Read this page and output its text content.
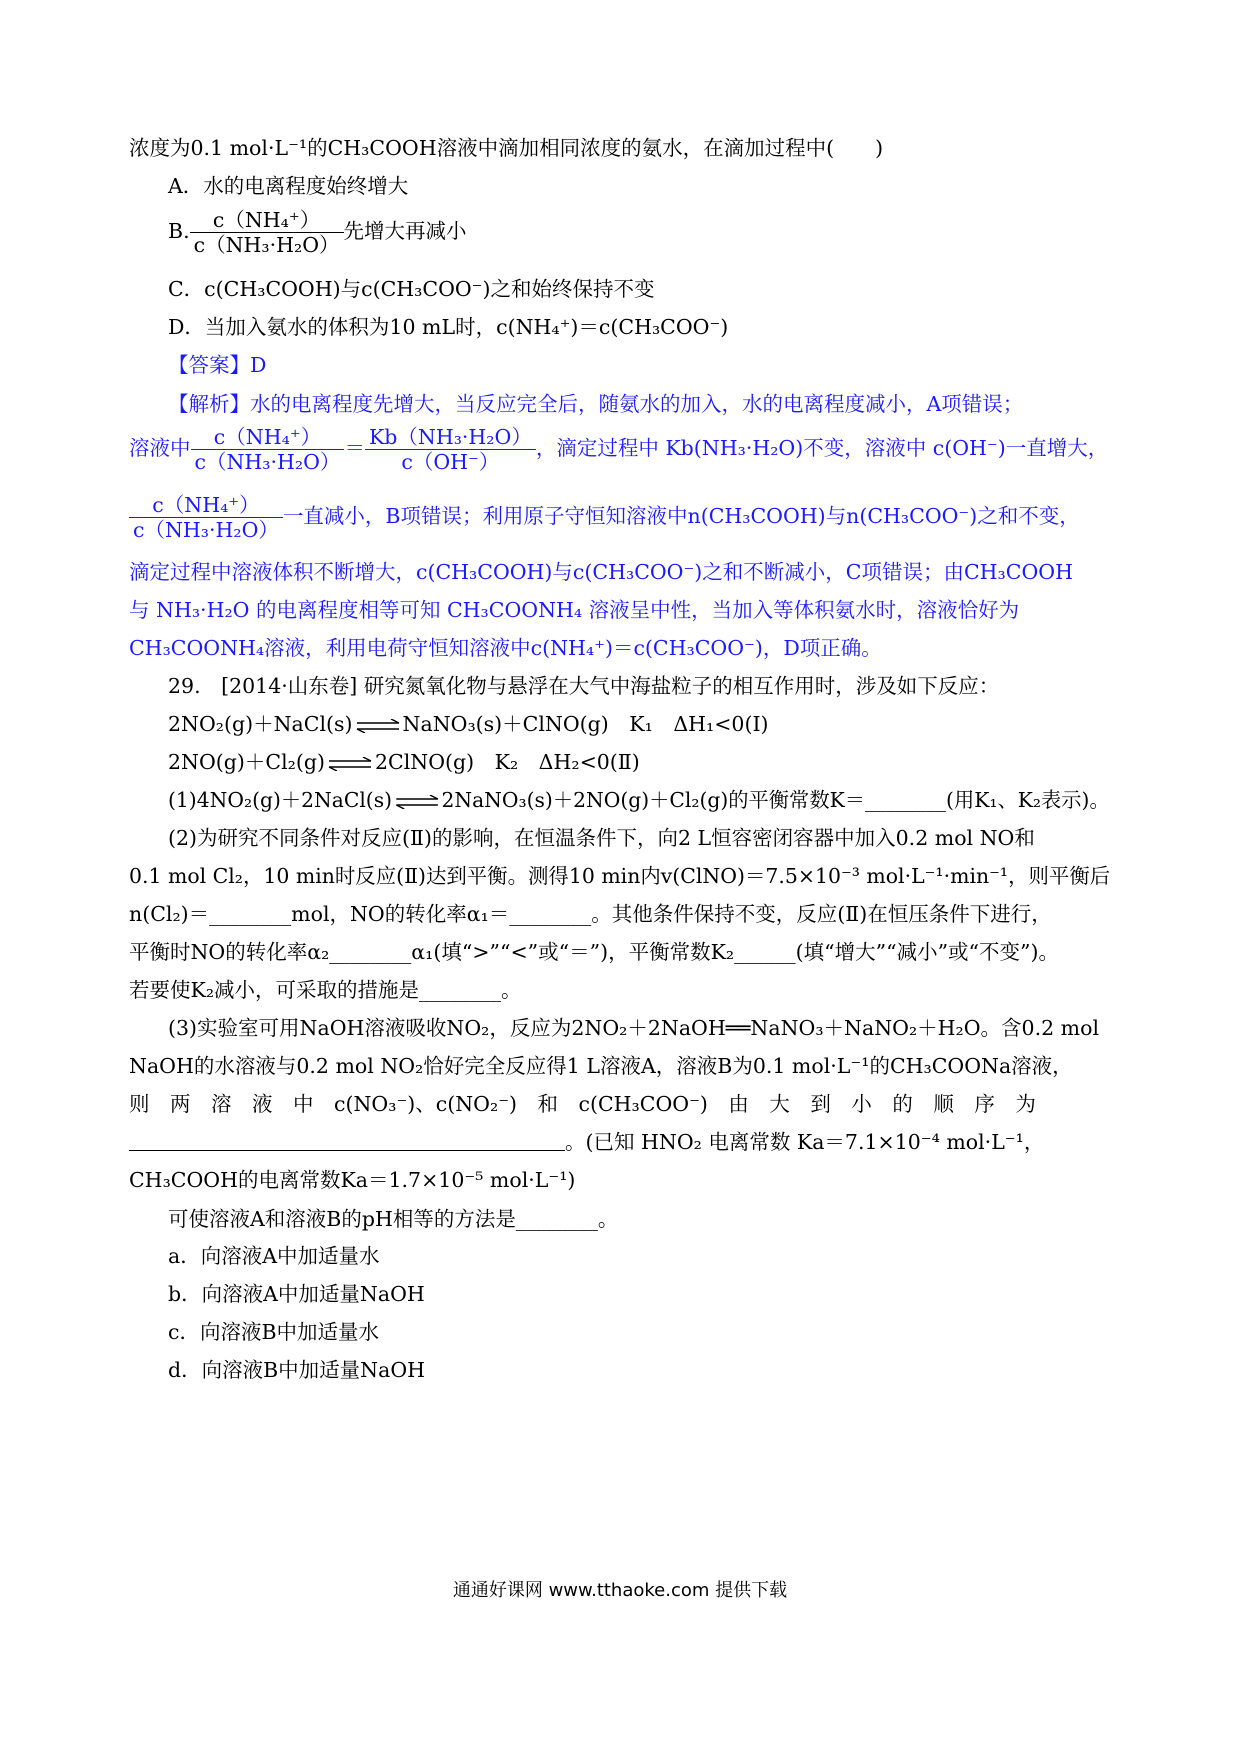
浓度为0.1 mol·L⁻¹的CH₃COOH溶液中滴加相同浓度的氨水，在滴加过程中(　　)
A．水的电离程度始终增大
B. $\frac{\text{c（NH₄⁺）}}{\text{c（NH₃·H₂O）}}$ 先增大再减小
C．c(CH₃COOH)与c(CH₃COO⁻)之和始终保持不变
D．当加入氨水的体积为10 mL时，c(NH₄⁺)＝c(CH₃COO⁻)
【答案】D
【解析】水的电离程度先增大，当反应完全后，随氨水的加入，水的电离程度减小，A项错误；
溶液中 $\frac{\text{c（NH₄⁺）}}{\text{c（NH₃·H₂O）}} = \frac{\text{Kb（NH₃·H₂O）}}{c(OH^-)}$ ，滴定过程中 Kb(NH₃·H₂O)不变，溶液中 c(OH⁻)一直增大，
$\frac{\text{c（NH₄⁺）}}{\text{c（NH₃·H₂O）}}$ 一直减小，B项错误；利用原子守恒知溶液中n(CH₃COOH)与n(CH₃COO⁻)之和不变，
滴定过程中溶液体积不断增大，c(CH₃COOH)与c(CH₃COO⁻)之和不断减小，C项错误；由CH₃COOH
与 NH₃·H₂O 的电离程度相等可知 CH₃COONH₄ 溶液呈中性，当加入等体积氨水时，溶液恰好为
CH₃COONH₄溶液，利用电荷守恒知溶液中c(NH₄⁺)＝c(CH₃COO⁻)，D项正确。
29.　[2014·山东卷] 研究氮氧化物与悬浮在大气中海盐粒子的相互作用时，涉及如下反应：
2NO₂(g)＋NaCl(s) ⇌ NaNO₃(s)＋ClNO(g)　K₁　ΔH₁<0(Ⅰ)
2NO(g)＋Cl₂(g) ⇌ 2ClNO(g)　K₂　ΔH₂<0(Ⅱ)
(1)4NO₂(g)＋2NaCl(s) ⇌ 2NaNO₃(s)＋2NO(g)＋Cl₂(g)的平衡常数K＝________(用K₁、K₂表示)。
(2)为研究不同条件对反应(Ⅱ)的影响，在恒温条件下，向2 L恒容密闭容器中加入0.2 mol NO和
0.1 mol Cl₂，10 min时反应(Ⅱ)达到平衡。测得10 min内v(ClNO)＝7.5×10⁻³ mol·L⁻¹·min⁻¹，则平衡后
n(Cl₂)＝________mol，NO的转化率α₁＝________。其他条件保持不变，反应(Ⅱ)在恒压条件下进行，
平衡时NO的转化率α₂________α₁(填“>”“<”或“＝”)，平衡常数K₂______(填“增大”“减小”或“不变”)。
若要使K₂减小，可采取的措施是________。
(3)实验室可用NaOH溶液吸收NO₂，反应为2NO₂＋2NaOH══NaNO₃＋NaNO₂＋H₂O。含0.2 mol
NaOH的水溶液与0.2 mol NO₂恰好完全反应得1 L溶液A，溶液B为0.1 mol·L⁻¹的CH₃COONa溶液，
则　两　溶　液　中　c(NO₃⁻)、c(NO₂⁻)　和　c(CH₃COO⁻)　由　大　到　小　的　顺　序　为
。(已知 HNO₂ 电离常数 Ka＝7.1×10⁻⁴ mol·L⁻¹，
CH₃COOH的电离常数Ka＝1.7×10⁻⁵ mol·L⁻¹)
可使溶液A和溶液B的pH相等的方法是________。
a．向溶液A中加适量水
b．向溶液A中加适量NaOH
c．向溶液B中加适量水
d．向溶液B中加适量NaOH
通通好课网 www.tthaoke.com 提供下载
